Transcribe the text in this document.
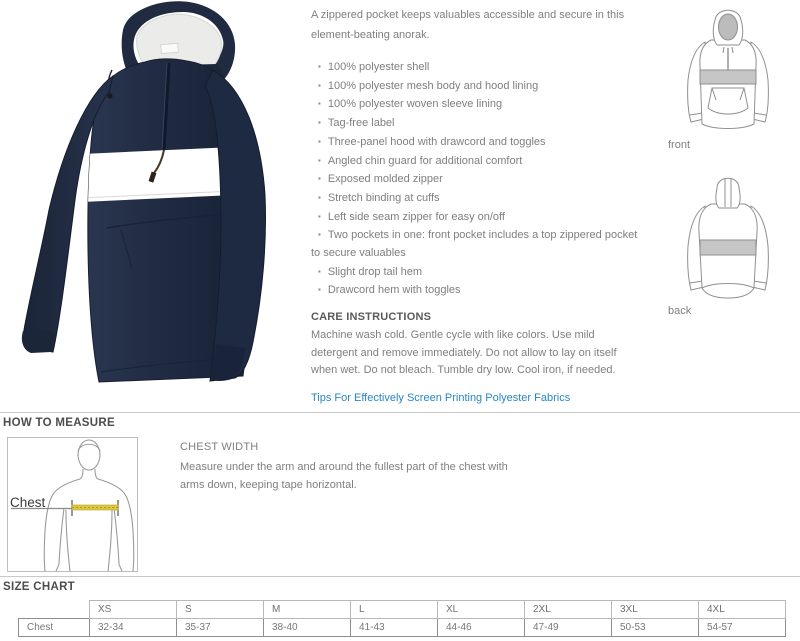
A zippered pocket keeps valuables accessible and secure in this element-beating anorak.
▪ 100% polyester shell
▪ 100% polyester mesh body and hood lining
▪ 100% polyester woven sleeve lining
▪ Tag-free label
▪ Three-panel hood with drawcord and toggles
▪ Angled chin guard for additional comfort
▪ Exposed molded zipper
▪ Stretch binding at cuffs
▪ Left side seam zipper for easy on/off
▪ Two pockets in one: front pocket includes a top zippered pocket to secure valuables
▪ Slight drop tail hem
▪ Drawcord hem with toggles
CARE INSTRUCTIONS
Machine wash cold. Gentle cycle with like colors. Use mild detergent and remove immediately. Do not allow to lay on itself when wet. Do not bleach. Tumble dry low. Cool iron, if needed.
Tips For Effectively Screen Printing Polyester Fabrics
front
back
HOW TO MEASURE
Chest
CHEST WIDTH
Measure under the arm and around the fullest part of the chest with arms down, keeping tape horizontal.
SIZE CHART
	XS	S	M	L	XL	2XL	3XL	4XL
Chest	32-34	35-37	38-40	41-43	44-46	47-49	50-53	54-57
